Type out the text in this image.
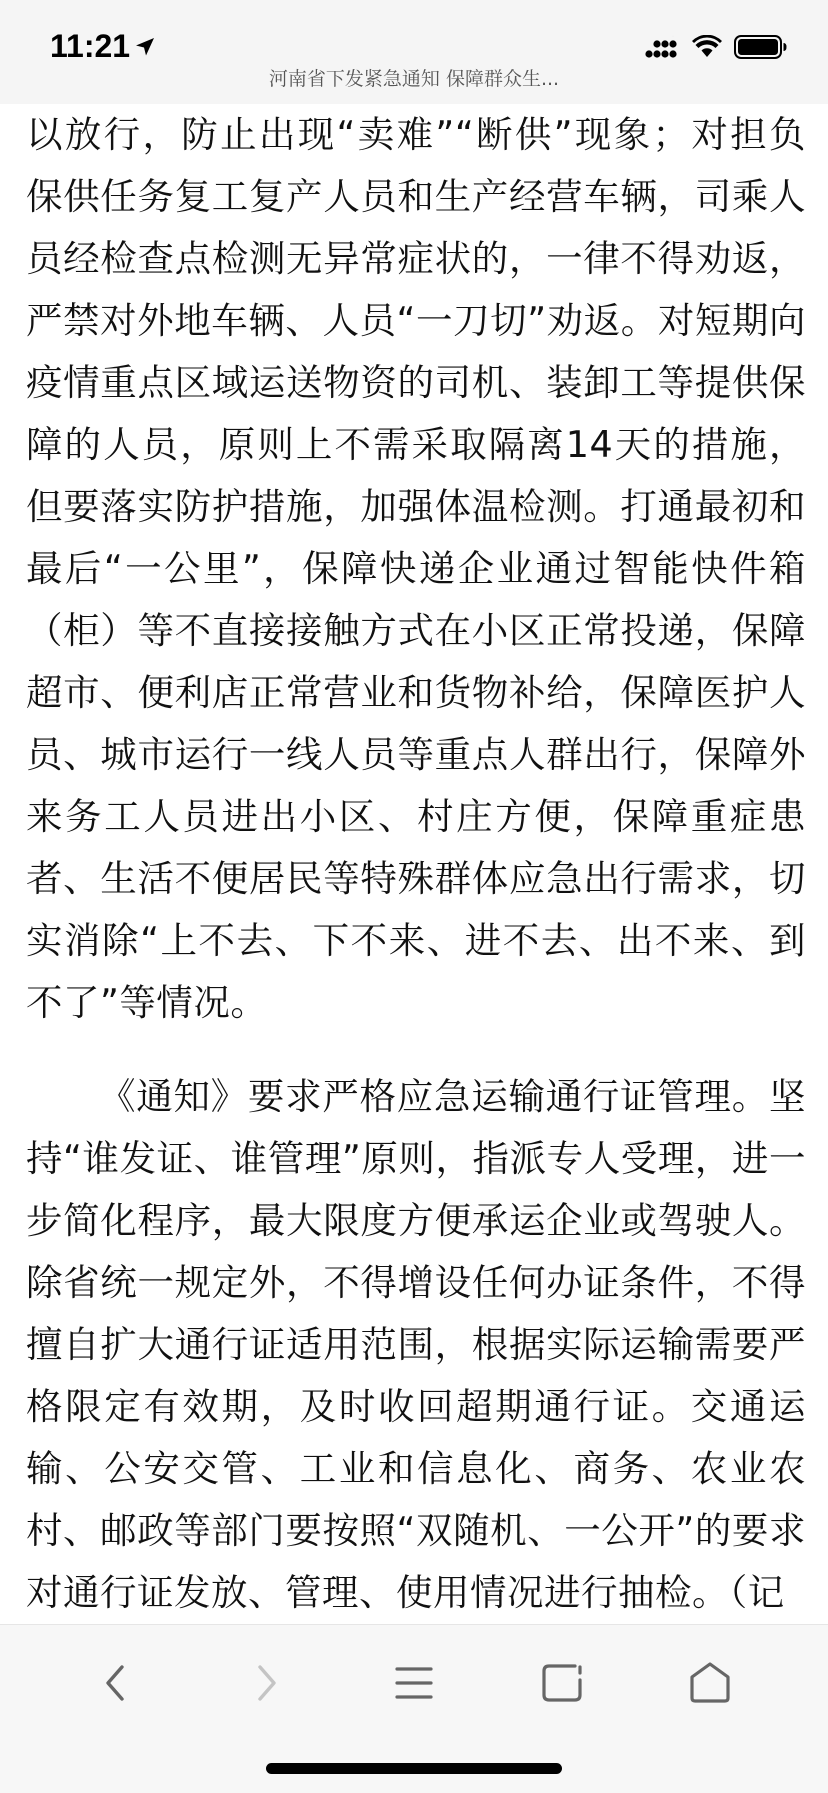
11:21
河南省下发紧急通知 保障群众生...

以放行，防止出现“卖难”“断供”现象；对担负保供任务复工复产人员和生产经营车辆，司乘人员经检查点检测无异常症状的，一律不得劝返，严禁对外地车辆、人员“一刀切”劝返。对短期向疫情重点区域运送物资的司机、装卸工等提供保障的人员，原则上不需采取隔离14天的措施，但要落实防护措施，加强体温检测。打通最初和最后“一公里”，保障快递企业通过智能快件箱（柜）等不直接接触方式在小区正常投递，保障超市、便利店正常营业和货物补给，保障医护人员、城市运行一线人员等重点人群出行，保障外来务工人员进出小区、村庄方便，保障重症患者、生活不便居民等特殊群体应急出行需求，切实消除“上不去、下不来、进不去、出不来、到不了”等情况。

《通知》要求严格应急运输通行证管理。坚持“谁发证、谁管理”原则，指派专人受理，进一步简化程序，最大限度方便承运企业或驾驶人。除省统一规定外，不得增设任何办证条件，不得擅自扩大通行证适用范围，根据实际运输需要严格限定有效期，及时收回超期通行证。交通运输、公安交管、工业和信息化、商务、农业农村、邮政等部门要按照“双随机、一公开”的要求对通行证发放、管理、使用情况进行抽检。（记
